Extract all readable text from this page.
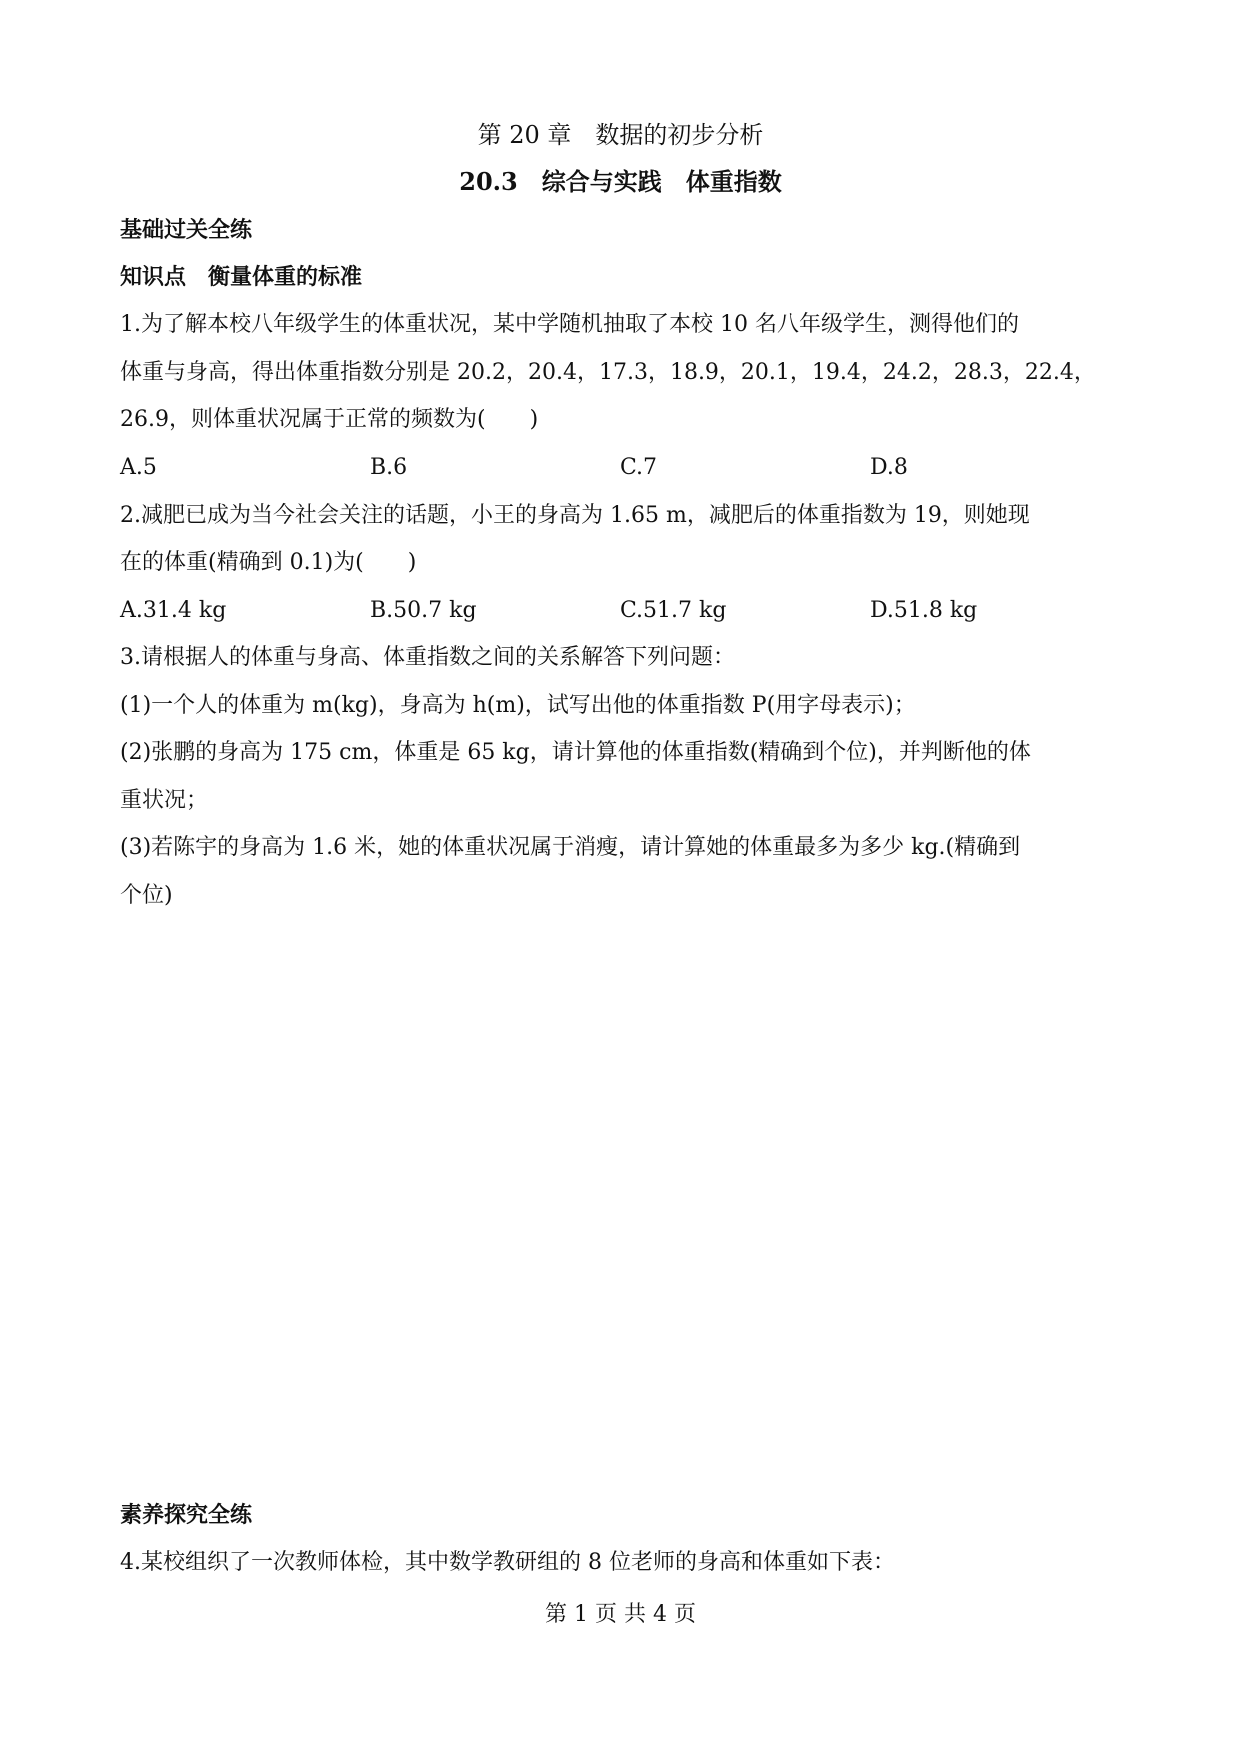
第 20 章　数据的初步分析
20.3　综合与实践　体重指数
基础过关全练
知识点　衡量体重的标准
1.为了解本校八年级学生的体重状况，某中学随机抽取了本校 10 名八年级学生，测得他们的
体重与身高，得出体重指数分别是 20.2，20.4，17.3，18.9，20.1，19.4，24.2，28.3，22.4，
26.9，则体重状况属于正常的频数为(　　)
A.5	B.6	C.7	D.8
2.减肥已成为当今社会关注的话题，小王的身高为 1.65 m，减肥后的体重指数为 19，则她现
在的体重(精确到 0.1)为(　　)
A.31.4 kg	B.50.7 kg	C.51.7 kg	D.51.8 kg
3.请根据人的体重与身高、体重指数之间的关系解答下列问题：
(1)一个人的体重为 m(kg)，身高为 h(m)，试写出他的体重指数 P(用字母表示)；
(2)张鹏的身高为 175 cm，体重是 65 kg，请计算他的体重指数(精确到个位)，并判断他的体
重状况；
(3)若陈宇的身高为 1.6 米，她的体重状况属于消瘦，请计算她的体重最多为多少 kg.(精确到
个位)
素养探究全练
4.某校组织了一次教师体检，其中数学教研组的 8 位老师的身高和体重如下表：
第 1 页 共 4 页
